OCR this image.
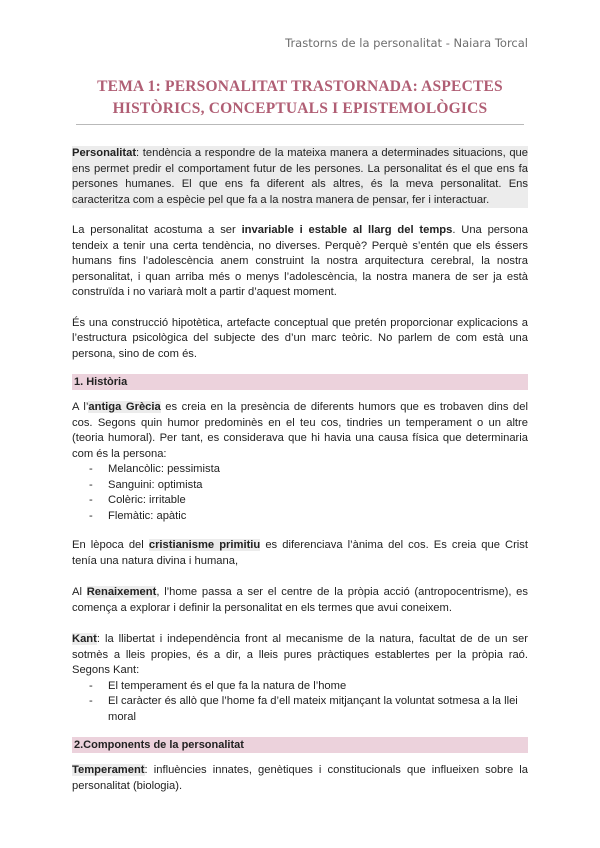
Trastorns de la personalitat - Naiara Torcal
TEMA 1: PERSONALITAT TRASTORNADA: ASPECTES
HISTÒRICS, CONCEPTUALS I EPISTEMOLÒGICS

Personalitat: tendència a respondre de la mateixa manera a determinades situacions, que ens permet predir el comportament futur de les persones. La personalitat és el que ens fa persones humanes. El que ens fa diferent als altres, és la meva personalitat. Ens caracteritza com a espècie pel que fa a la nostra manera de pensar, fer i interactuar.

La personalitat acostuma a ser invariable i estable al llarg del temps. Una persona tendeix a tenir una certa tendència, no diverses. Perquè? Perquè s’entén que els éssers humans fins l’adolescència anem construint la nostra arquitectura cerebral, la nostra personalitat, i quan arriba més o menys l’adolescència, la nostra manera de ser ja està construïda i no variarà molt a partir d’aquest moment.

És una construcció hipotètica, artefacte conceptual que pretén proporcionar explicacions a l’estructura psicològica del subjecte des d’un marc teòric. No parlem de com està una persona, sino de com és.

1. Història

A l’antiga Grècia es creia en la presència de diferents humors que es trobaven dins del cos. Segons quin humor predominès en el teu cos, tindries un temperament o un altre (teoria humoral). Per tant, es considerava que hi havia una causa física que determinaria com és la persona:

- Melancòlic: pessimista
- Sanguini: optimista
- Colèric: irritable
- Flemàtic: apàtic

En lèpoca del cristianisme primitiu es diferenciava l’ànima del cos. Es creia que Crist tenía una natura divina i humana,

Al Renaixement, l’home passa a ser el centre de la pròpia acció (antropocentrisme), es comença a explorar i definir la personalitat en els termes que avui coneixem.

Kant: la llibertat i independència front al mecanisme de la natura, facultat de de un ser sotmès a lleis propies, és a dir, a lleis pures pràctiques establertes per la pròpia raó. Segons Kant:

- El temperament és el que fa la natura de l’home
- El caràcter és allò que l’home fa d’ell mateix mitjançant la voluntat sotmesa a la llei moral
2.Components de la personalitat

Temperament: influències innates, genètiques i constitucionals que influeixen sobre la personalitat (biologia).
